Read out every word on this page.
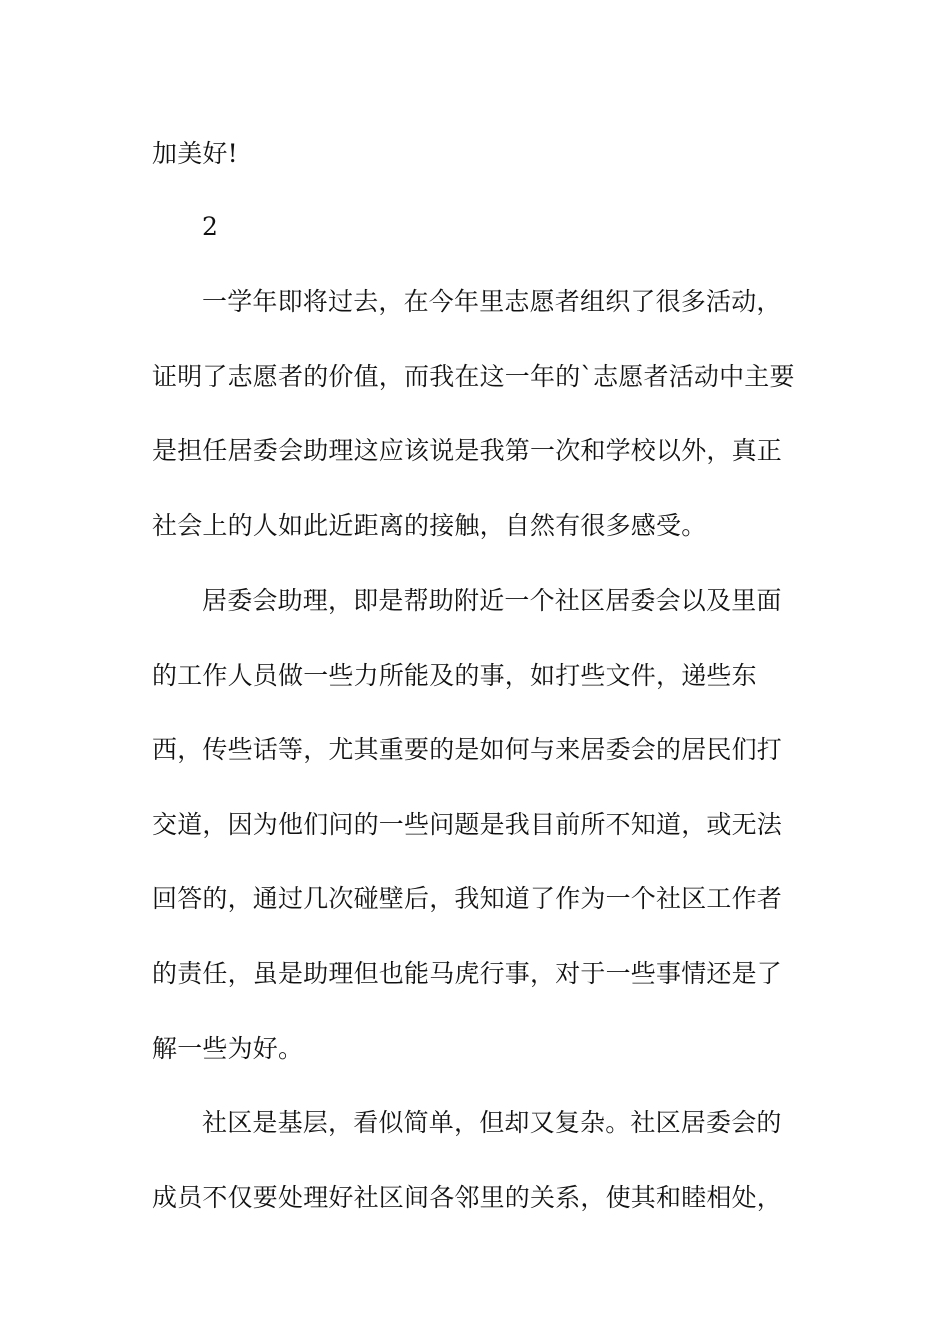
加美好!
2
一学年即将过去，在今年里志愿者组织了很多活动，
证明了志愿者的价值，而我在这一年的`志愿者活动中主要
是担任居委会助理这应该说是我第一次和学校以外，真正
社会上的人如此近距离的接触，自然有很多感受。
居委会助理，即是帮助附近一个社区居委会以及里面
的工作人员做一些力所能及的事，如打些文件，递些东
西，传些话等，尤其重要的是如何与来居委会的居民们打
交道，因为他们问的一些问题是我目前所不知道，或无法
回答的，通过几次碰壁后，我知道了作为一个社区工作者
的责任，虽是助理但也能马虎行事，对于一些事情还是了
解一些为好。
社区是基层，看似简单，但却又复杂。社区居委会的
成员不仅要处理好社区间各邻里的关系，使其和睦相处，
